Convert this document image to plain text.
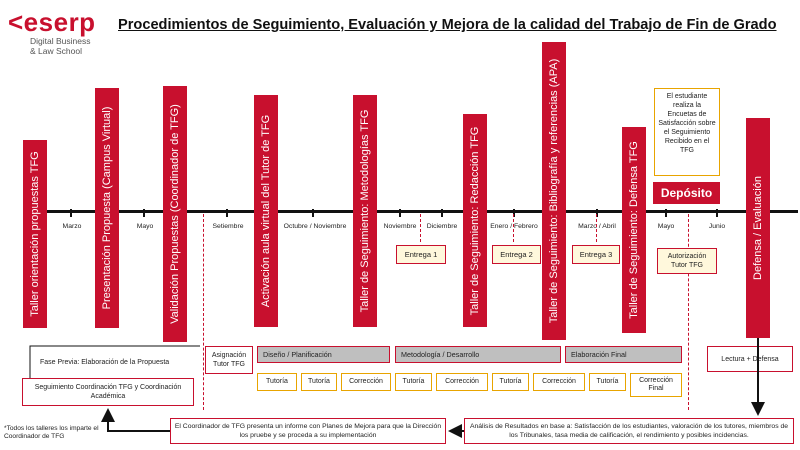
<eserp
Digital Business
& Law School
Procedimientos de Seguimiento, Evaluación y Mejora de la calidad del Trabajo de Fin de Grado
Marzo	Mayo	Setiembre	Octubre / Noviembre	Noviembre Diciembre	Enero / Febrero	Marzo / Abril	Mayo	Junio
Taller orientación propuestas TFG	Presentación Propuesta (Campus Virtual)	Validación Propuestas (Coordinador de TFG)	Activación aula virtual del Tutor de TFG	Taller de Seguimiento: Metodologías TFG	Taller de Seguimiento: Redacción TFG	Taller de Seguimiento: Bibliografía y referencias (APA)	Taller de Seguimiento: Defensa TFG	Defensa / Evaluación
Entrega 1	Entrega 2	Entrega 3	Autorización Tutor TFG
El estudiante realiza la Encuetas de Satisfacción sobre el Seguimiento Recibido en el TFG
Depósito
Fase Previa: Elaboración de la Propuesta
Asignación Tutor TFG
Diseño / Planificación	Metodología / Desarrollo	Elaboración Final	Lectura + Defensa
Tutoría	Tutoría	Corrección	Tutoría	Corrección	Tutoría	Corrección	Tutoría	Corrección Final
Seguimiento Coordinación TFG y Coordinación Académica
El Coordinador de TFG presenta un informe con Planes de Mejora para que la Dirección los pruebe y se proceda a su implementación
Análisis de Resultados en base a: Satisfacción de los estudiantes, valoración de los tutores, miembros de los Tribunales, tasa media de calificación, el rendimiento y posibles incidencias.
*Todos los talleres los imparte el Coordinador de TFG
